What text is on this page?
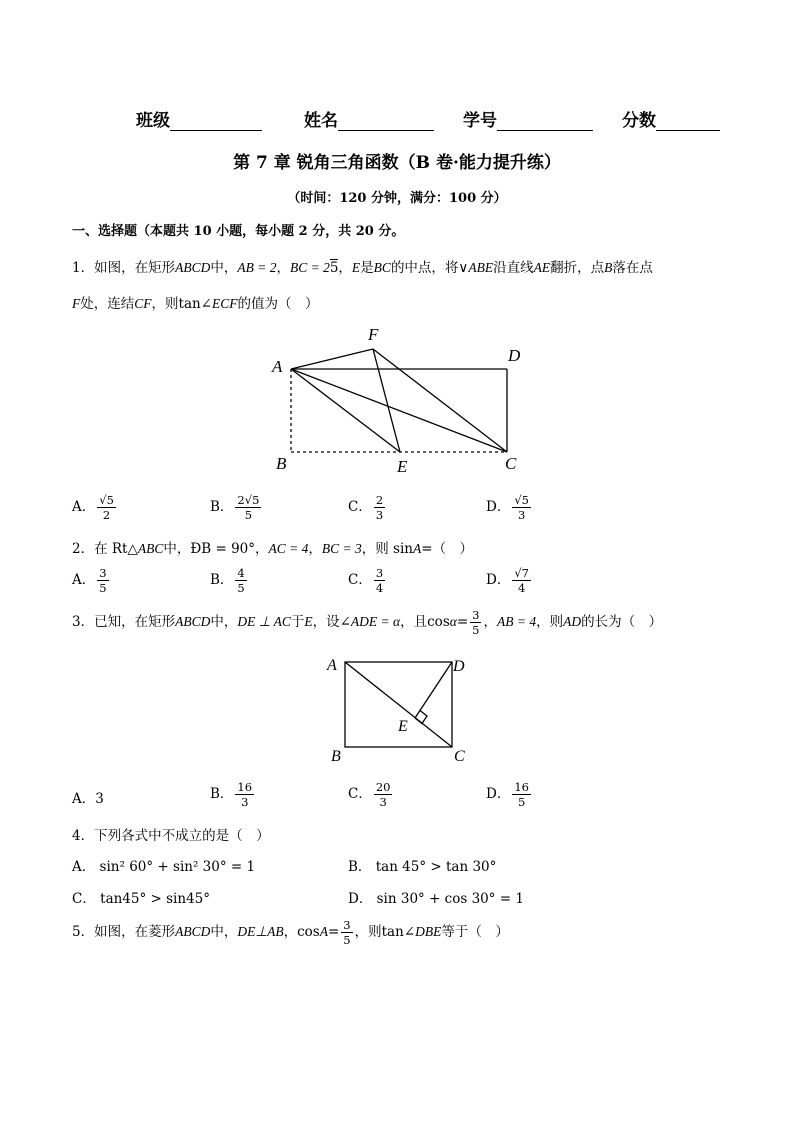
班级	姓名	学号	分数
第 7 章 锐角三角函数（B 卷·能力提升练）
（时间：120 分钟，满分：100 分）
一、选择题（本题共 10 小题，每小题 2 分，共 20 分。
1．如图，在矩形ABCD中，AB = 2，BC = 25，E是BC的中点，将∨ABE沿直线AE翻折，点B落在点
F处，连结CF，则tan∠ECF的值为（　）
A
B	C
D
E
F
A． $\frac{√5}{2}$	B． $\frac{2√5}{5}$	C． $\frac{2}{3}$	D． $\frac{√5}{3}$
2．在 Rt△ABC中，ÐB = 90°，AC = 4，BC = 3，则 sinA=（　）
A． $\frac{3}{5}$	B． $\frac{4}{5}$	C． $\frac{3}{4}$	D． $\frac{√7}{4}$
3．已知，在矩形ABCD中，DE ⊥ AC于E，设∠ADE = α，且$\cos\alpha= \frac{3}{5}$ ，AB = 4，则AD的长为（　）
A
B	C
D
E
A．3	B． $\frac{16}{3}$	C． $\frac{20}{3}$	D． $\frac{16}{5}$
4．下列各式中不成立的是（　）
A． sin² 60° + sin² 30° = 1	B． tan 45° > tan 30°
C． tan45° > sin45°	D． sin 30° + cos 30° = 1
5．如图，在菱形ABCD中，DE⊥AB，$\cos A= \frac{3}{5}$ ，则tan∠DBE等于（　）
